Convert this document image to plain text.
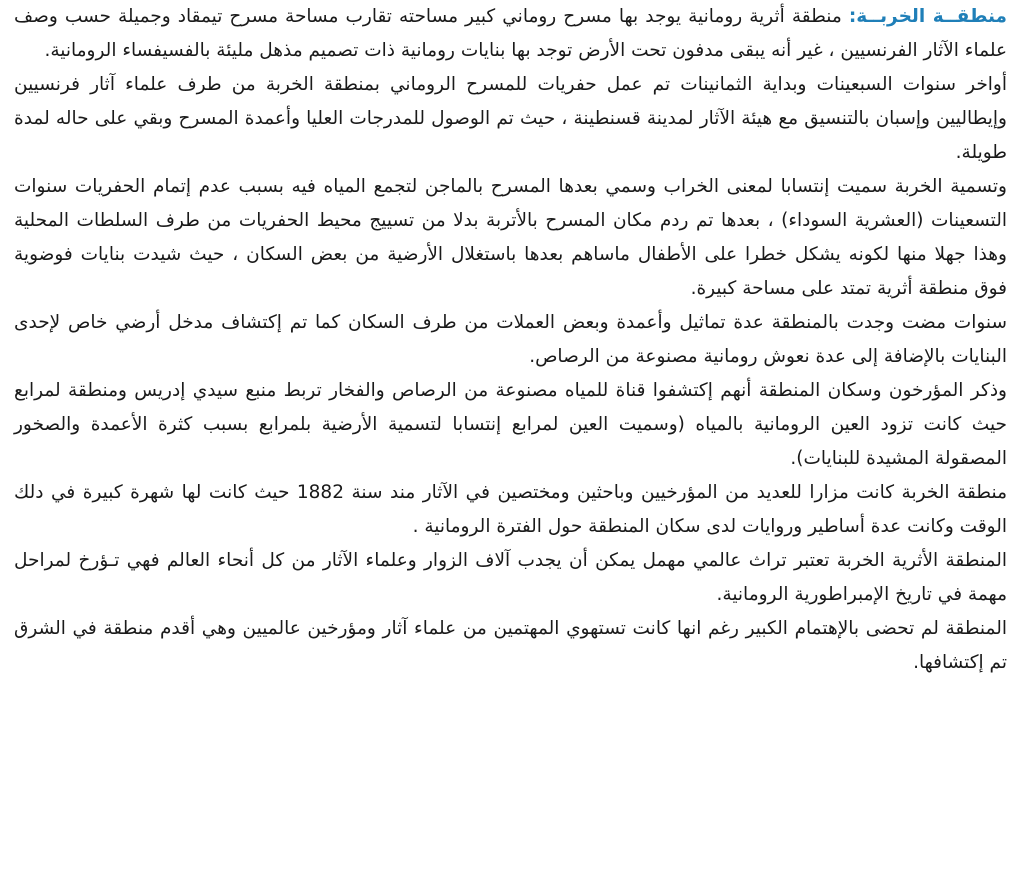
منطقــة الخربــة: منطقة أثرية رومانية يوجد بها مسرح روماني كبير مساحته تقارب مساحة مسرح تيمقاد وجميلة حسب وصف علماء الآثار الفرنسيين ، غير أنه يبقى مدفون تحت الأرض توجد بها بنايات رومانية ذات تصميم مذهل مليئة بالفسيفساء الرومانية.

أواخر سنوات السبعينات وبداية الثمانينات تم عمل حفريات للمسرح الروماني بمنطقة الخربة من طرف علماء آثار فرنسيين وإيطاليين وإسبان بالتنسيق مع هيئة الآثار لمدينة قسنطينة ، حيث تم الوصول للمدرجات العليا وأعمدة المسرح وبقي على حاله لمدة طويلة.

وتسمية الخربة سميت إنتسابا لمعنى الخراب وسمي بعدها المسرح بالماجن لتجمع المياه فيه بسبب عدم إتمام الحفريات سنوات التسعينات (العشرية السوداء) ، بعدها تم ردم مكان المسرح بالأتربة بدلا من تسييج محيط الحفريات من طرف السلطات المحلية وهذا جهلا منها لكونه يشكل خطرا على الأطفال ماساهم بعدها باستغلال الأرضية من بعض السكان ، حيث شيدت بنايات فوضوية فوق منطقة أثرية تمتد على مساحة كبيرة.

سنوات مضت وجدت بالمنطقة عدة تماثيل وأعمدة وبعض العملات من طرف السكان كما تم إكتشاف مدخل أرضي خاص لإحدى البنايات بالإضافة إلى عدة نعوش رومانية مصنوعة من الرصاص.

وذكر المؤرخون وسكان المنطقة أنهم إكتشفوا قناة للمياه مصنوعة من الرصاص والفخار تربط منبع سيدي إدريس ومنطقة لمرابع حيث كانت تزود العين الرومانية بالمياه (وسميت العين لمرابع إنتسابا لتسمية الأرضية بلمرابع بسبب كثرة الأعمدة والصخور المصقولة المشيدة للبنايات).

منطقة الخربة كانت مزارا للعديد من المؤرخيين وباحثين ومختصين في الآثار مند سنة 1882 حيث كانت لها شهرة كبيرة في دلك الوقت وكانت عدة أساطير وروايات لدى سكان المنطقة حول الفترة الرومانية .

المنطقة الأثرية الخربة تعتبر تراث عالمي مهمل يمكن أن يجدب آلاف الزوار وعلماء الآثار من كل أنحاء العالم فهي تـؤرخ لمراحل مهمة في تاريخ الإمبراطورية الرومانية.

المنطقة لم تحضى بالإهتمام الكبير رغم انها كانت تستهوي المهتمين من علماء آثار ومؤرخين عالميين وهي أقدم منطقة في الشرق تم إكتشافها.
